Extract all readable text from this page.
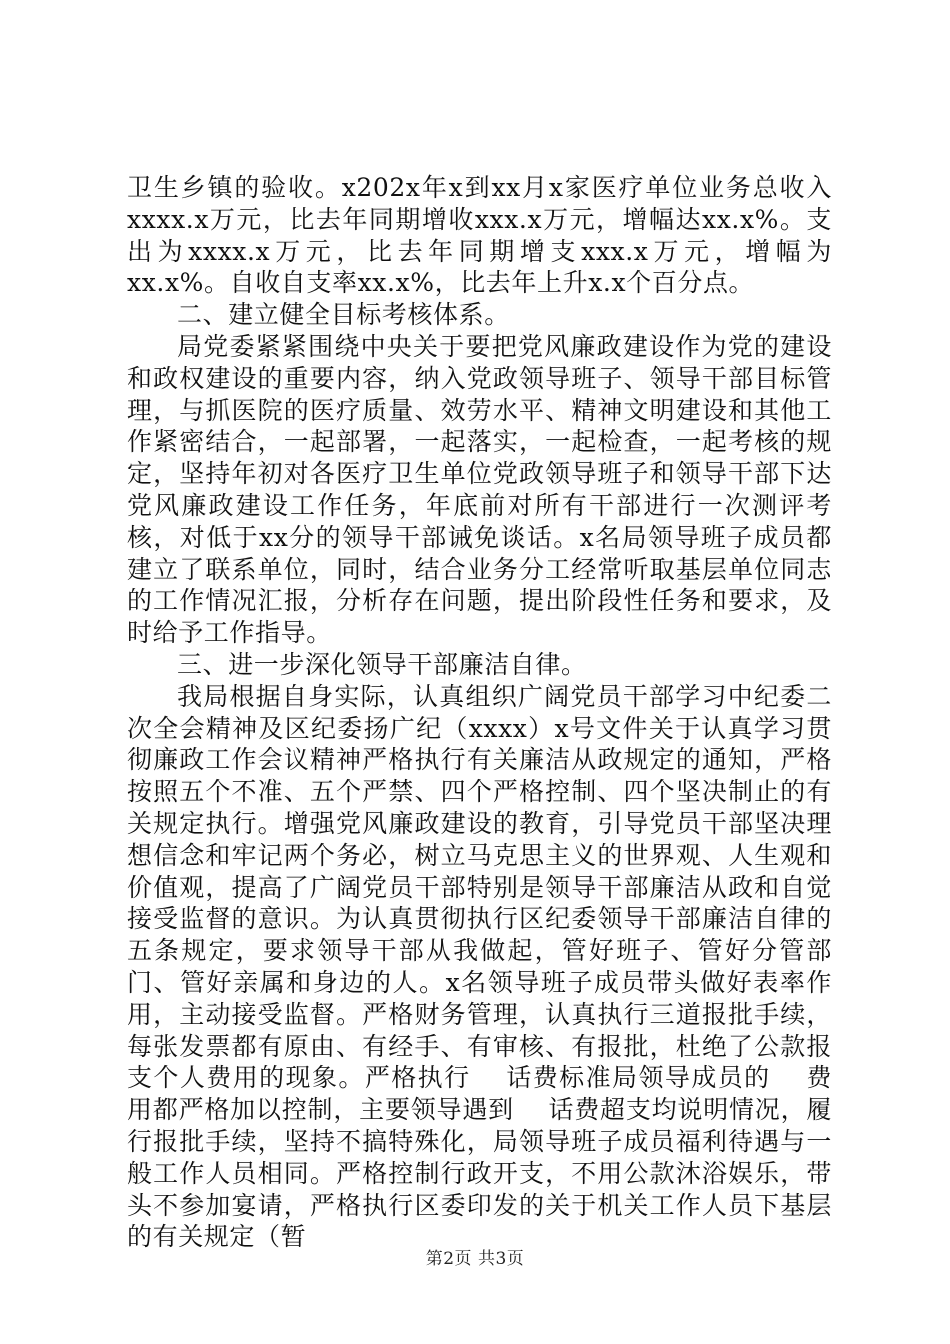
卫生乡镇的验收。x202x年x到xx月x家医疗单位业务总收入xxxx.x万元，比去年同期增收xxx.x万元，增幅达xx.x%。支出为xxxx.x万元，比去年同期增支xxx.x万元，增幅为xx.x%。自收自支率xx.x%，比去年上升x.x个百分点。

二、建立健全目标考核体系。

局党委紧紧围绕中央关于要把党风廉政建设作为党的建设和政权建设的重要内容，纳入党政领导班子、领导干部目标管理，与抓医院的医疗质量、效劳水平、精神文明建设和其他工作紧密结合，一起部署，一起落实，一起检查，一起考核的规定，坚持年初对各医疗卫生单位党政领导班子和领导干部下达党风廉政建设工作任务，年底前对所有干部进行一次测评考核，对低于xx分的领导干部诫免谈话。x名局领导班子成员都建立了联系单位，同时，结合业务分工经常听取基层单位同志的工作情况汇报，分析存在问题，提出阶段性任务和要求，及时给予工作指导。

三、进一步深化领导干部廉洁自律。

我局根据自身实际，认真组织广阔党员干部学习中纪委二次全会精神及区纪委扬广纪（xxxx）x号文件关于认真学习贯彻廉政工作会议精神严格执行有关廉洁从政规定的通知，严格按照五个不准、五个严禁、四个严格控制、四个坚决制止的有关规定执行。增强党风廉政建设的教育，引导党员干部坚决理想信念和牢记两个务必，树立马克思主义的世界观、人生观和价值观，提高了广阔党员干部特别是领导干部廉洁从政和自觉接受监督的意识。为认真贯彻执行区纪委领导干部廉洁自律的五条规定，要求领导干部从我做起，管好班子、管好分管部门、管好亲属和身边的人。x名领导班子成员带头做好表率作用，主动接受监督。严格财务管理，认真执行三道报批手续，每张发票都有原由、有经手、有审核、有报批，杜绝了公款报支个人费用的现象。严格执行　 话费标准局领导成员的　 费用都严格加以控制，主要领导遇到　 话费超支均说明情况，履行报批手续，坚持不搞特殊化，局领导班子成员福利待遇与一般工作人员相同。严格控制行政开支，不用公款沐浴娱乐，带头不参加宴请，严格执行区委印发的关于机关工作人员下基层的有关规定（暂

第2页 共3页
